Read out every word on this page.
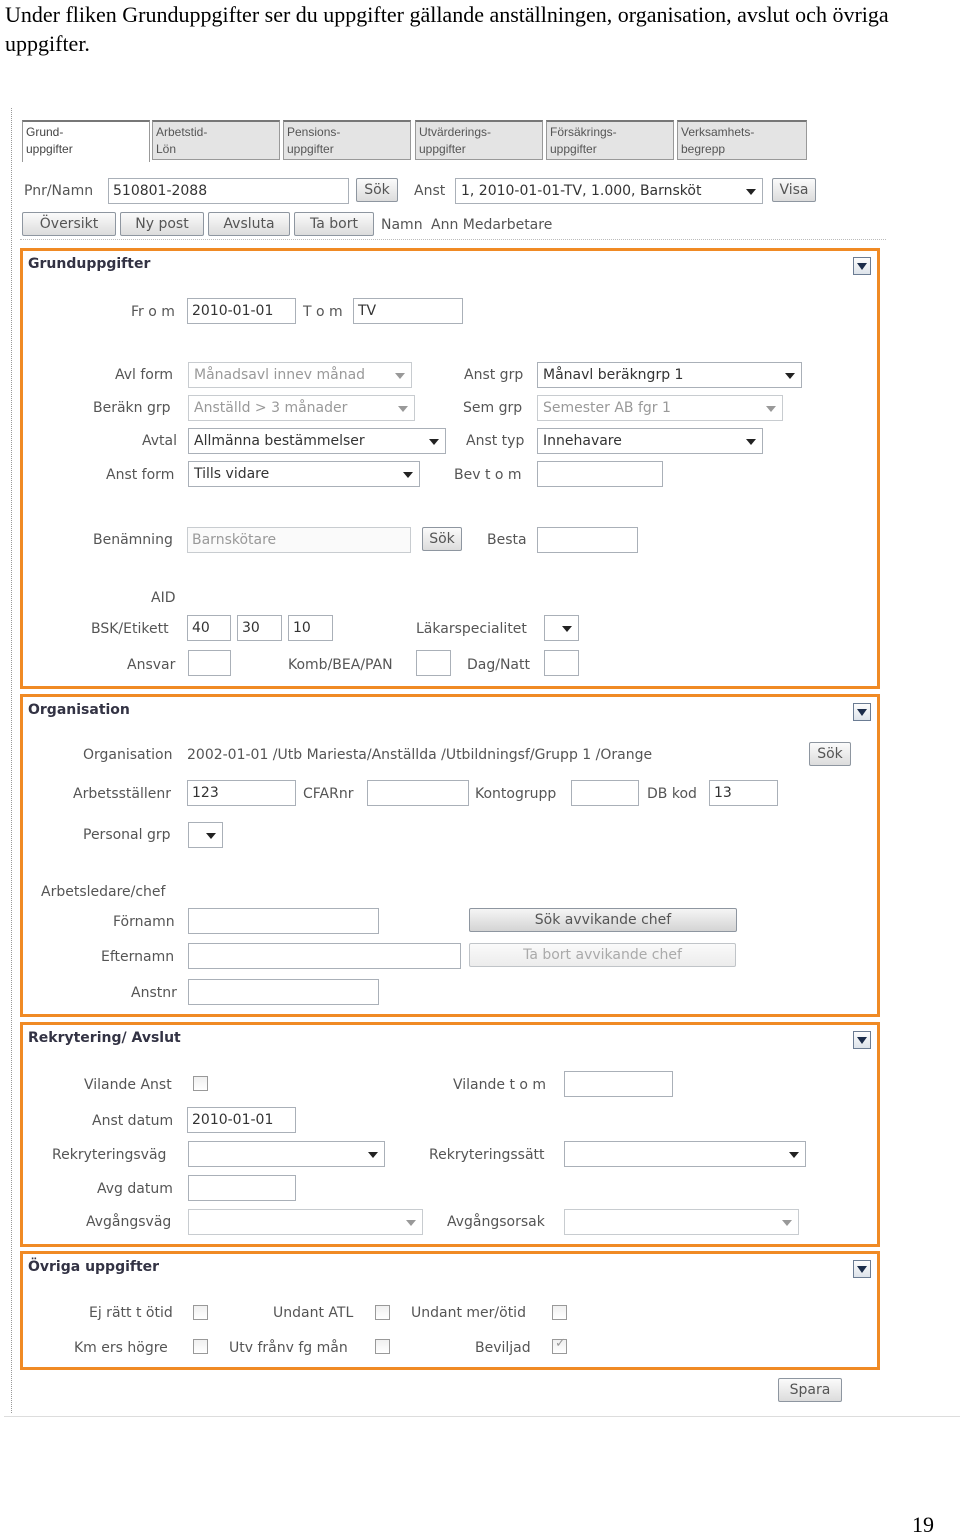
Under fliken Grunduppgifter ser du uppgifter gällande anställningen, organisation, avslut och övriga uppgifter.
Grund-
uppgifter
Arbetstid-
Lön
Pensions-
uppgifter
Utvärderings-
uppgifter
Försäkrings-
uppgifter
Verksamhets-
begrepp
Pnr/Namn	510801-2088	Sök	Anst	1, 2010-01-01-TV, 1.000, Barnsköt	Visa
Översikt	Ny post	Avsluta	Ta bort	Namn Ann Medarbetare
Grunduppgifter
Fr o m	2010-01-01	T o m	TV
Avl form	Månadsavl innev månad	Anst grp	Månavl beräkngrp 1
Beräkn grp	Anställd > 3 månader	Sem grp	Semester AB fgr 1
Avtal	Allmänna bestämmelser	Anst typ	Innehavare
Anst form	Tills vidare	Bev t o m
Benämning	Barnskötare	Sök	Besta
AID
BSK/Etikett	40	30	10	Läkarspecialitet
Ansvar	Komb/BEA/PAN	Dag/Natt
Organisation
Organisation 2002-01-01 /Utb Mariesta/Anställda /Utbildningsf/Grupp 1 /Orange	Sök
Arbetsställenr	123	CFARnr	Kontogrupp	DB kod	13
Personal grp
Arbetsledare/chef
Förnamn	Sök avvikande chef
Efternamn	Ta bort avvikande chef
Anstnr
Rekrytering/ Avslut
Vilande Anst	Vilande t o m
Anst datum	2010-01-01
Rekryteringsväg	Rekryteringssätt
Avg datum
Avgångsväg	Avgångsorsak
Övriga uppgifter
Ej rätt t ötid	Undant ATL	Undant mer/ötid
Km ers högre	Utv frånv fg mån	Beviljad
✓
Spara
19
